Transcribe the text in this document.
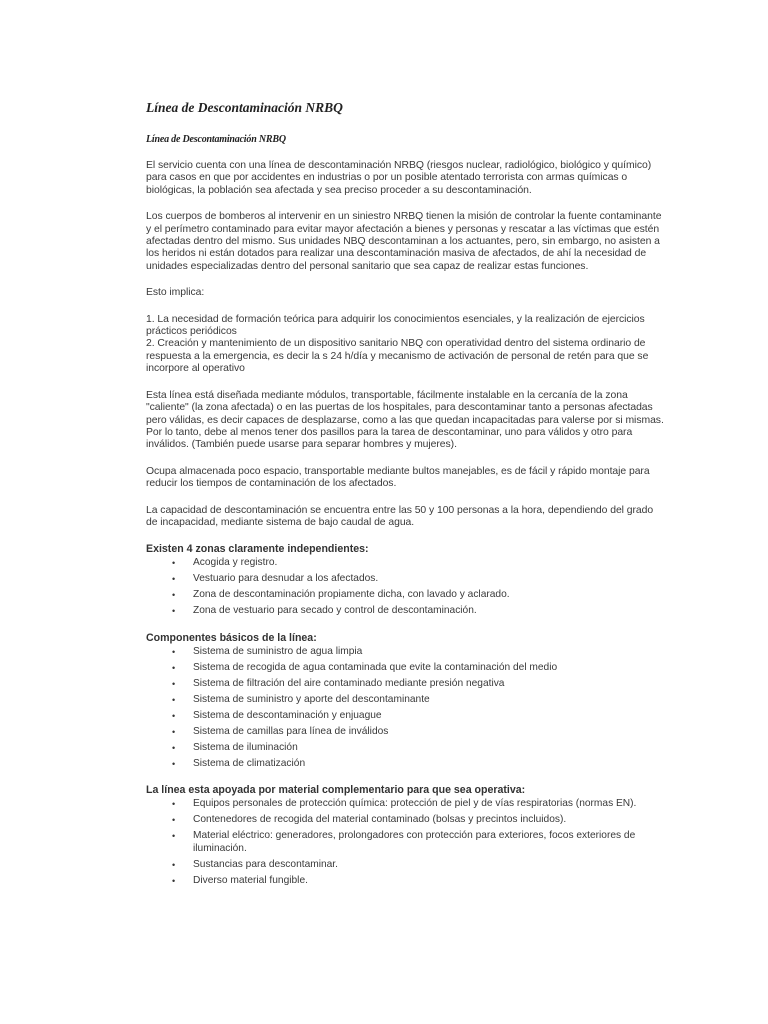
Línea de Descontaminación NRBQ
Línea de Descontaminación NRBQ

El servicio cuenta con una línea de descontaminación NRBQ (riesgos nuclear, radiológico, biológico y químico) para casos en que por accidentes en industrias o por un posible atentado terrorista con armas químicas o biológicas, la población sea afectada y sea preciso proceder a su descontaminación.

Los cuerpos de bomberos al intervenir en un siniestro NRBQ tienen la misión de controlar la fuente contaminante y el perímetro contaminado para evitar mayor afectación a bienes y personas y rescatar a las víctimas que estén afectadas dentro del mismo. Sus unidades NBQ descontaminan a los actuantes, pero, sin embargo, no asisten a los heridos ni están dotados para realizar una descontaminación masiva de afectados, de ahí la necesidad de unidades especializadas dentro del personal sanitario que sea capaz de realizar estas funciones.

Esto implica:

1. La necesidad de formación teórica para adquirir los conocimientos esenciales, y la realización de ejercicios prácticos periódicos

2. Creación y mantenimiento de un dispositivo sanitario NBQ con operatividad dentro del sistema ordinario de respuesta a la emergencia, es decir la s 24 h/día y mecanismo de activación de personal de retén para que se incorpore al operativo

Esta línea está diseñada mediante módulos, transportable, fácilmente instalable en la cercanía de la zona "caliente" (la zona afectada) o en las puertas de los hospitales, para descontaminar tanto a personas afectadas pero válidas, es decir capaces de desplazarse, como a las que quedan incapacitadas para valerse por si mismas. Por lo tanto, debe al menos tener dos pasillos para la tarea de descontaminar, uno para válidos y otro para inválidos. (También puede usarse para separar hombres y mujeres).

Ocupa almacenada poco espacio, transportable mediante bultos manejables, es de fácil y rápido montaje para reducir los tiempos de contaminación de los afectados.

La capacidad de descontaminación se encuentra entre las 50 y 100 personas a la hora, dependiendo del grado de incapacidad, mediante sistema de bajo caudal de agua.

Existen 4 zonas claramente independientes:
• Acogida y registro.
• Vestuario para desnudar a los afectados.
• Zona de descontaminación propiamente dicha, con lavado y aclarado.
• Zona de vestuario para secado y control de descontaminación.
Componentes básicos de la línea:
• Sistema de suministro de agua limpia
• Sistema de recogida de agua contaminada que evite la contaminación del medio
• Sistema de filtración del aire contaminado mediante presión negativa
• Sistema de suministro y aporte del descontaminante
• Sistema de descontaminación y enjuague
• Sistema de camillas para línea de inválidos
• Sistema de iluminación
• Sistema de climatización
La línea esta apoyada por material complementario para que sea operativa:
• Equipos personales de protección química: protección de piel y de vías respiratorias (normas EN).
• Contenedores de recogida del material contaminado (bolsas y precintos incluidos).
• Material eléctrico: generadores, prolongadores con protección para exteriores, focos exteriores de iluminación.
• Sustancias para descontaminar.
• Diverso material fungible.
